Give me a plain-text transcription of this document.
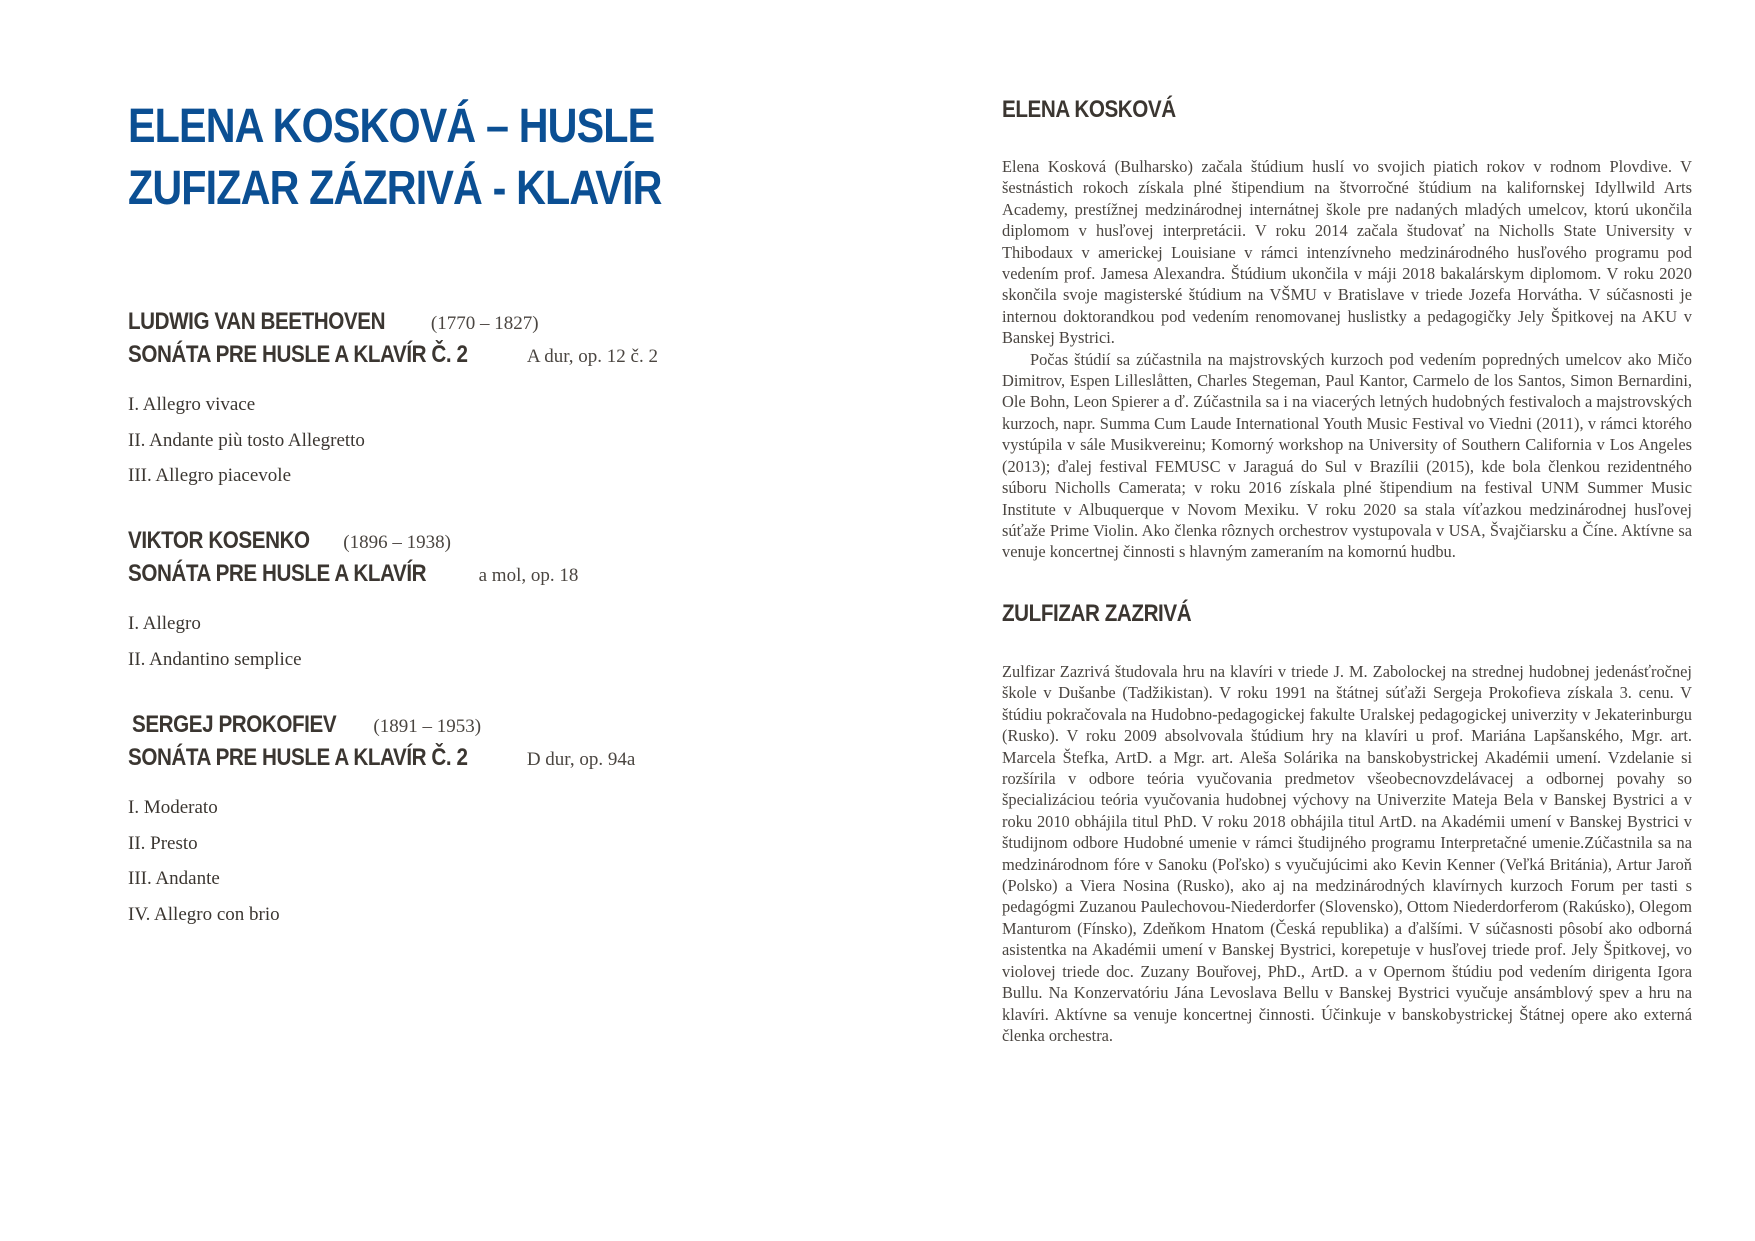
ELENA KOSKOVÁ – HUSLE
ZUFIZAR ZÁZRIVÁ - KLAVÍR
LUDWIG VAN BEETHOVEN (1770 – 1827)
SONÁTA PRE HUSLE A KLAVÍR Č. 2	A dur, op. 12 č. 2
I. Allegro vivace
II. Andante più tosto Allegretto
III. Allegro piacevole
VIKTOR KOSENKO (1896 – 1938)
SONÁTA PRE HUSLE A KLAVÍR	a mol, op. 18
I. Allegro
II. Andantino semplice
SERGEJ PROKOFIEV (1891 – 1953)
SONÁTA PRE HUSLE A KLAVÍR Č. 2	D dur, op. 94a
I. Moderato
II. Presto
III. Andante
IV. Allegro con brio
ELENA KOSKOVÁ

Elena Kosková (Bulharsko) začala štúdium huslí vo svojich piatich rokov v rodnom Plovdive. V šestnástich rokoch získala plné štipendium na štvorročné štúdium na kalifornskej Idyllwild Arts Academy, prestížnej medzinárodnej internátnej škole pre nadaných mladých umelcov, ktorú ukončila diplomom v husľovej interpretácii. V roku 2014 začala študovať na Nicholls State University v Thibodaux v americkej Louisiane v rámci intenzívneho medzinárodného husľového programu pod vedením prof. Jamesa Alexandra. Štúdium ukončila v máji 2018 bakalárskym diplomom. V roku 2020 skončila svoje magisterské štúdium na VŠMU v Bratislave v triede Jozefa Horvátha. V súčasnosti je internou doktorandkou pod vedením renomovanej huslistky a pedagogičky Jely Špitkovej na AKU v Banskej Bystrici.

Počas štúdií sa zúčastnila na majstrovských kurzoch pod vedením popredných umelcov ako Mičo Dimitrov, Espen Lilleslåtten, Charles Stegeman, Paul Kantor, Carmelo de los Santos, Simon Bernardini, Ole Bohn, Leon Spierer a ď. Zúčastnila sa i na viacerých letných hudobných festivaloch a majstrovských kurzoch, napr. Summa Cum Laude International Youth Music Festival vo Viedni (2011), v rámci ktorého vystúpila v sále Musikvereinu; Komorný workshop na University of Southern California v Los Angeles (2013); ďalej festival FEMUSC v Jaraguá do Sul v Brazílii (2015), kde bola členkou rezidentného súboru Nicholls Camerata; v roku 2016 získala plné štipendium na festival UNM Summer Music Institute v Albuquerque v Novom Mexiku. V roku 2020 sa stala víťazkou medzinárodnej husľovej súťaže Prime Violin. Ako členka rôznych orchestrov vystupovala v USA, Švajčiarsku a Číne. Aktívne sa venuje koncertnej činnosti s hlavným zameraním na komornú hudbu.

ZULFIZAR ZAZRIVÁ

Zulfizar Zazrivá študovala hru na klavíri v triede J. M. Zabolockej na strednej hudobnej jedenásťročnej škole v Dušanbe (Tadžikistan). V roku 1991 na štátnej súťaži Sergeja Prokofieva získala 3. cenu. V štúdiu pokračovala na Hudobno-pedagogickej fakulte Uralskej pedagogickej univerzity v Jekaterinburgu (Rusko). V roku 2009 absolvovala štúdium hry na klavíri u prof. Mariána Lapšanského, Mgr. art. Marcela Štefka, ArtD. a Mgr. art. Aleša Solárika na banskobystrickej Akadémii umení. Vzdelanie si rozšírila v odbore teória vyučovania predmetov všeobecnovzdelávacej a odbornej povahy so špecializáciou teória vyučovania hudobnej výchovy na Univerzite Mateja Bela v Banskej Bystrici a v roku 2010 obhájila titul PhD. V roku 2018 obhájila titul ArtD. na Akadémii umení v Banskej Bystrici v študijnom odbore Hudobné umenie v rámci študijného programu Interpretačné umenie.Zúčastnila sa na medzinárodnom fóre v Sanoku (Poľsko) s vyučujúcimi ako Kevin Kenner (Veľká Británia), Artur Jaroň (Polsko) a Viera Nosina (Rusko), ako aj na medzinárodných klavírnych kurzoch Forum per tasti s pedagógmi Zuzanou Paulechovou-Niederdorfer (Slovensko), Ottom Niederdorferom (Rakúsko), Olegom Manturom (Fínsko), Zdeňkom Hnatom (Česká republika) a ďalšími. V súčasnosti pôsobí ako odborná asistentka na Akadémii umení v Banskej Bystrici, korepetuje v husľovej triede prof. Jely Špitkovej, vo violovej triede doc. Zuzany Bouřovej, PhD., ArtD. a v Opernom štúdiu pod vedením dirigenta Igora Bullu. Na Konzervatóriu Jána Levoslava Bellu v Banskej Bystrici vyučuje ansámblový spev a hru na klavíri. Aktívne sa venuje koncertnej činnosti. Účinkuje v banskobystrickej Štátnej opere ako externá členka orchestra.
